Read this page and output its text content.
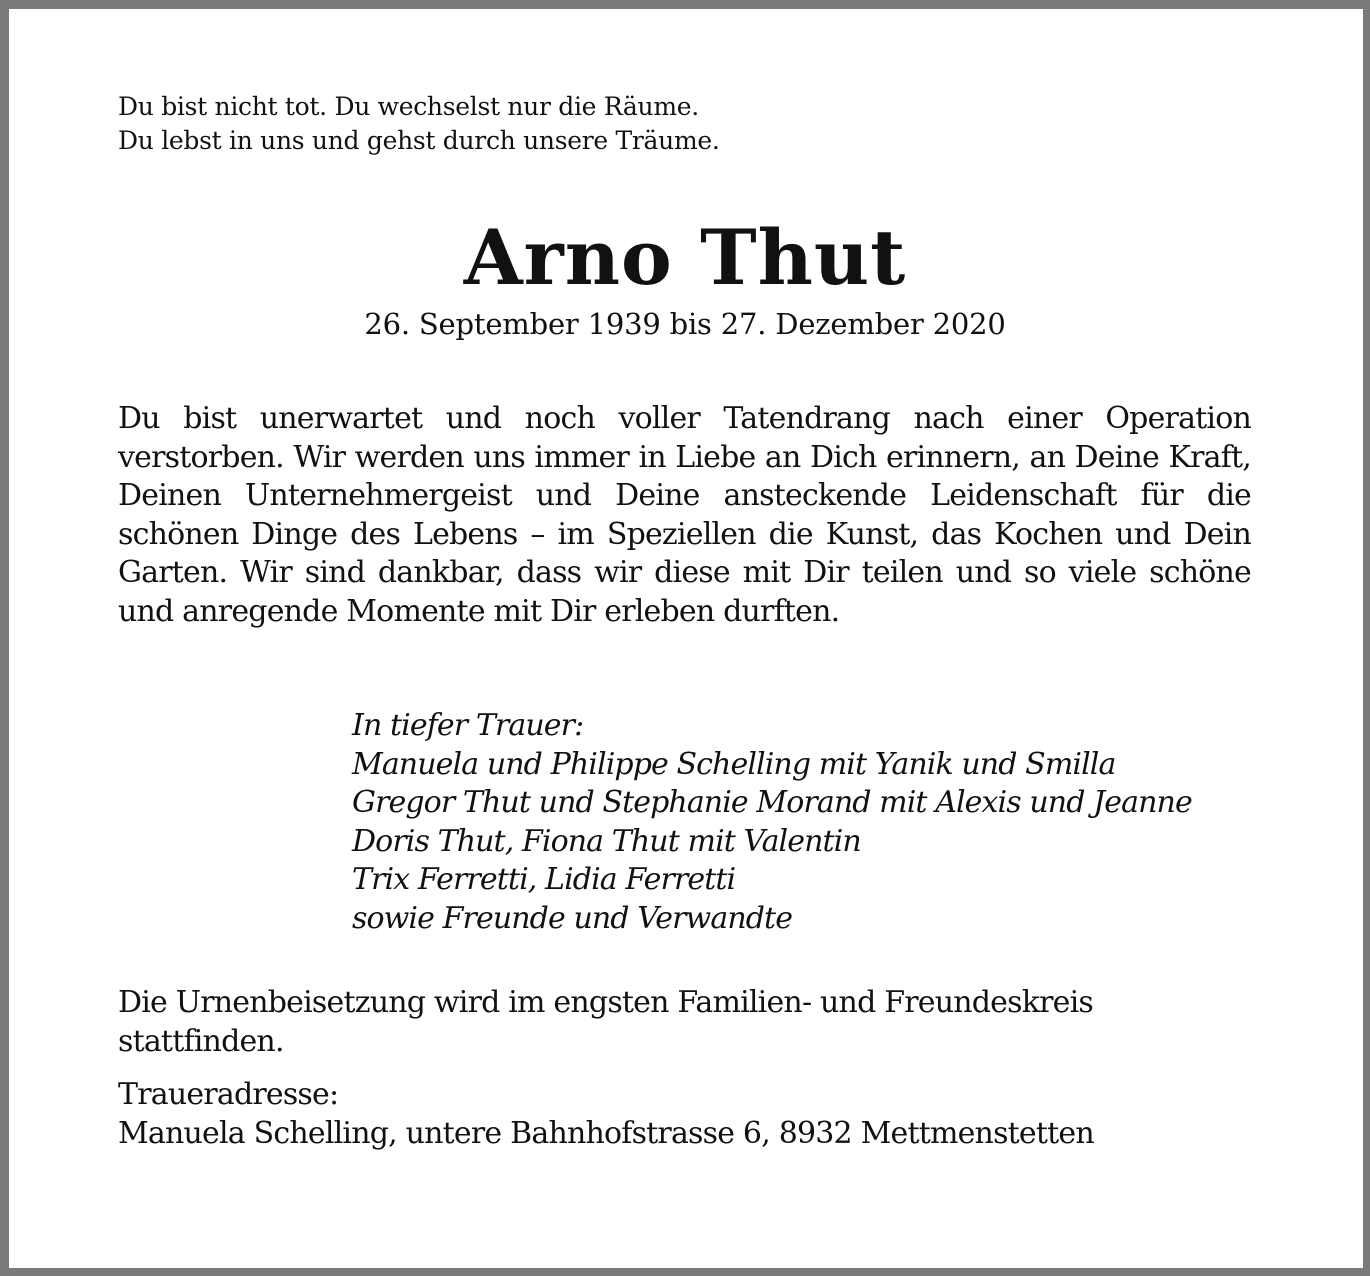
Du bist nicht tot. Du wechselst nur die Räume.
Du lebst in uns und gehst durch unsere Träume.
Arno Thut
26. September 1939 bis 27. Dezember 2020
Du bist unerwartet und noch voller Tatendrang nach einer Operation verstorben. Wir werden uns immer in Liebe an Dich erinnern, an Deine Kraft, Deinen Unternehmergeist und Deine ansteckende Leidenschaft für die schönen Dinge des Lebens – im Speziellen die Kunst, das Kochen und Dein Garten. Wir sind dankbar, dass wir diese mit Dir teilen und so viele schöne und anregende Momente mit Dir erleben durften.
In tiefer Trauer:
Manuela und Philippe Schelling mit Yanik und Smilla
Gregor Thut und Stephanie Morand mit Alexis und Jeanne
Doris Thut, Fiona Thut mit Valentin
Trix Ferretti, Lidia Ferretti
sowie Freunde und Verwandte
Die Urnenbeisetzung wird im engsten Familien- und Freundeskreis stattfinden.
Traueradresse:
Manuela Schelling, untere Bahnhofstrasse 6, 8932 Mettmenstetten
